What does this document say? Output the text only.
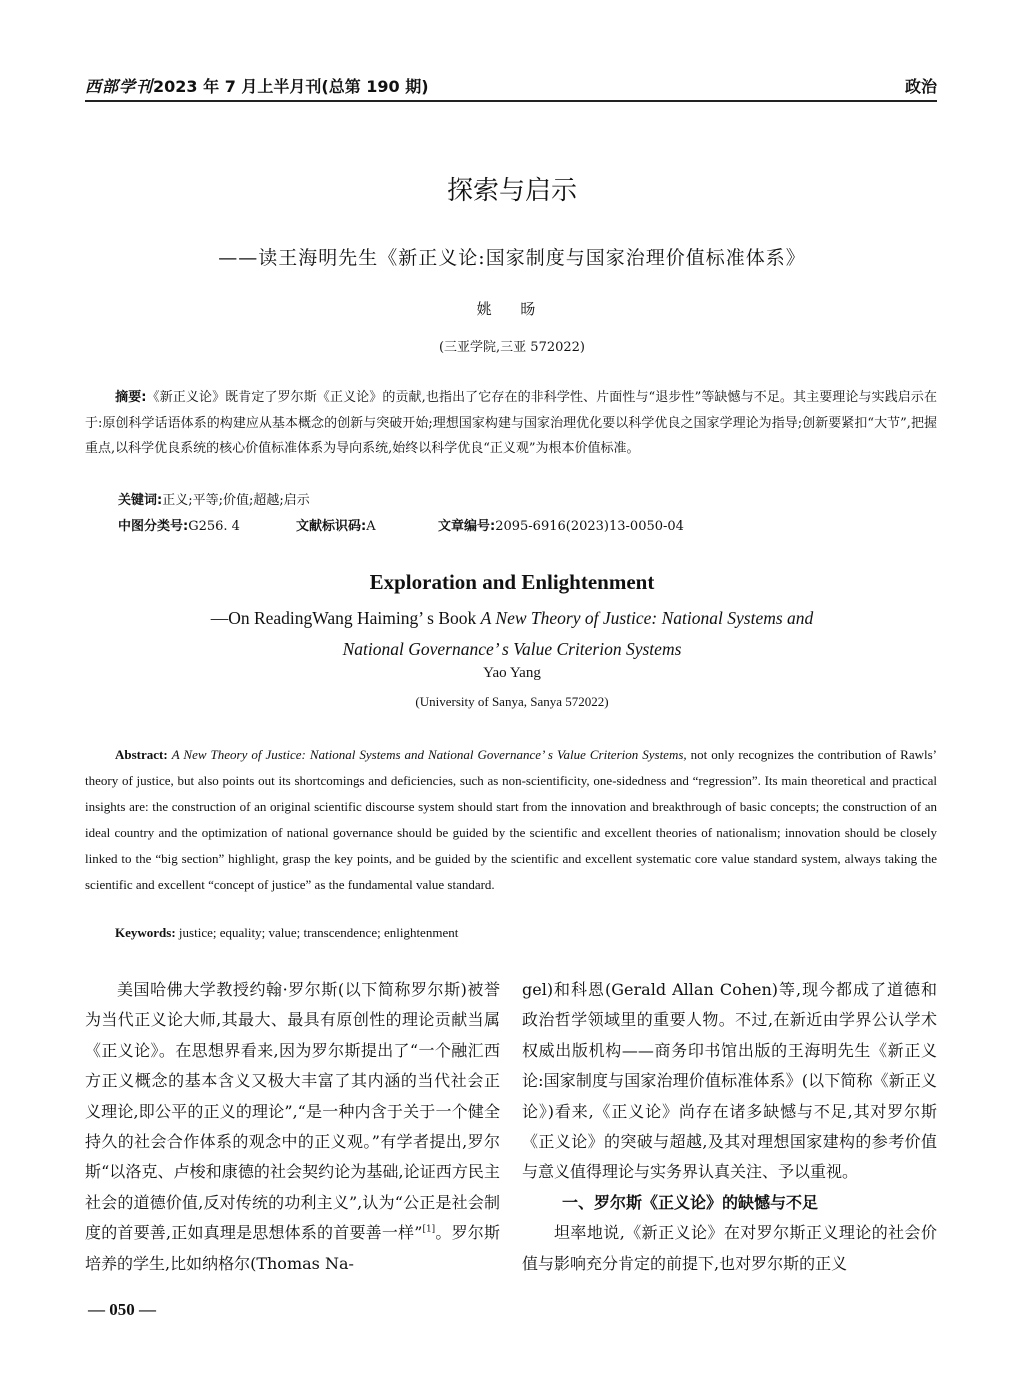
西部学刊2023 年 7 月上半月刊(总第 190 期)	政治
探索与启示
——读王海明先生《新正义论:国家制度与国家治理价值标准体系》
姚 旸
(三亚学院,三亚 572022)
摘要:《新正义论》既肯定了罗尔斯《正义论》的贡献,也指出了它存在的非科学性、片面性与“退步性”等缺憾与不足。其主要理论与实践启示在于:原创科学话语体系的构建应从基本概念的创新与突破开始;理想国家构建与国家治理优化要以科学优良之国家学理论为指导;创新要紧扣“大节”,把握重点,以科学优良系统的核心价值标准体系为导向系统,始终以科学优良“正义观”为根本价值标准。
关键词:正义;平等;价值;超越;启示
中图分类号:G256. 4	文献标识码:A	文章编号:2095-6916(2023)13-0050-04
Exploration and Enlightenment
—On ReadingWang Haiming’ s Book A New Theory of Justice: National Systems and
National Governance’ s Value Criterion Systems
Yao Yang
(University of Sanya, Sanya 572022)
Abstract: A New Theory of Justice: National Systems and National Governance’ s Value Criterion Systems, not only recognizes the contribution of Rawls’ theory of justice, but also points out its shortcomings and deficiencies, such as non-scientificity, one-sidedness and “regression”. Its main theoretical and practical insights are: the construction of an original scientific discourse system should start from the innovation and breakthrough of basic concepts; the construction of an ideal country and the optimization of national governance should be guided by the scientific and excellent theories of nationalism; innovation should be closely linked to the “big section” highlight, grasp the key points, and be guided by the scientific and excellent systematic core value standard system, always taking the scientific and excellent “concept of justice” as the fundamental value standard.
Keywords: justice; equality; value; transcendence; enlightenment

美国哈佛大学教授约翰·罗尔斯(以下简称罗尔斯)被誉为当代正义论大师,其最大、最具有原创性的理论贡献当属《正义论》。在思想界看来,因为罗尔斯提出了“一个融汇西方正义概念的基本含义又极大丰富了其内涵的当代社会正义理论,即公平的正义的理论”,“是一种内含于关于一个健全持久的社会合作体系的观念中的正义观。”有学者提出,罗尔斯“以洛克、卢梭和康德的社会契约论为基础,论证西方民主社会的道德价值,反对传统的功利主义”,认为“公正是社会制度的首要善,正如真理是思想体系的首要善一样”[1]。罗尔斯培养的学生,比如纳格尔(Thomas Na-

gel)和科恩(Gerald Allan Cohen)等,现今都成了道德和政治哲学领域里的重要人物。不过,在新近由学界公认学术权威出版机构——商务印书馆出版的王海明先生《新正义论:国家制度与国家治理价值标准体系》(以下简称《新正义论》)看来,《正义论》尚存在诸多缺憾与不足,其对罗尔斯《正义论》的突破与超越,及其对理想国家建构的参考价值与意义值得理论与实务界认真关注、予以重视。

一、罗尔斯《正义论》的缺憾与不足

坦率地说,《新正义论》在对罗尔斯正义理论的社会价值与影响充分肯定的前提下,也对罗尔斯的正义

— 050 —
